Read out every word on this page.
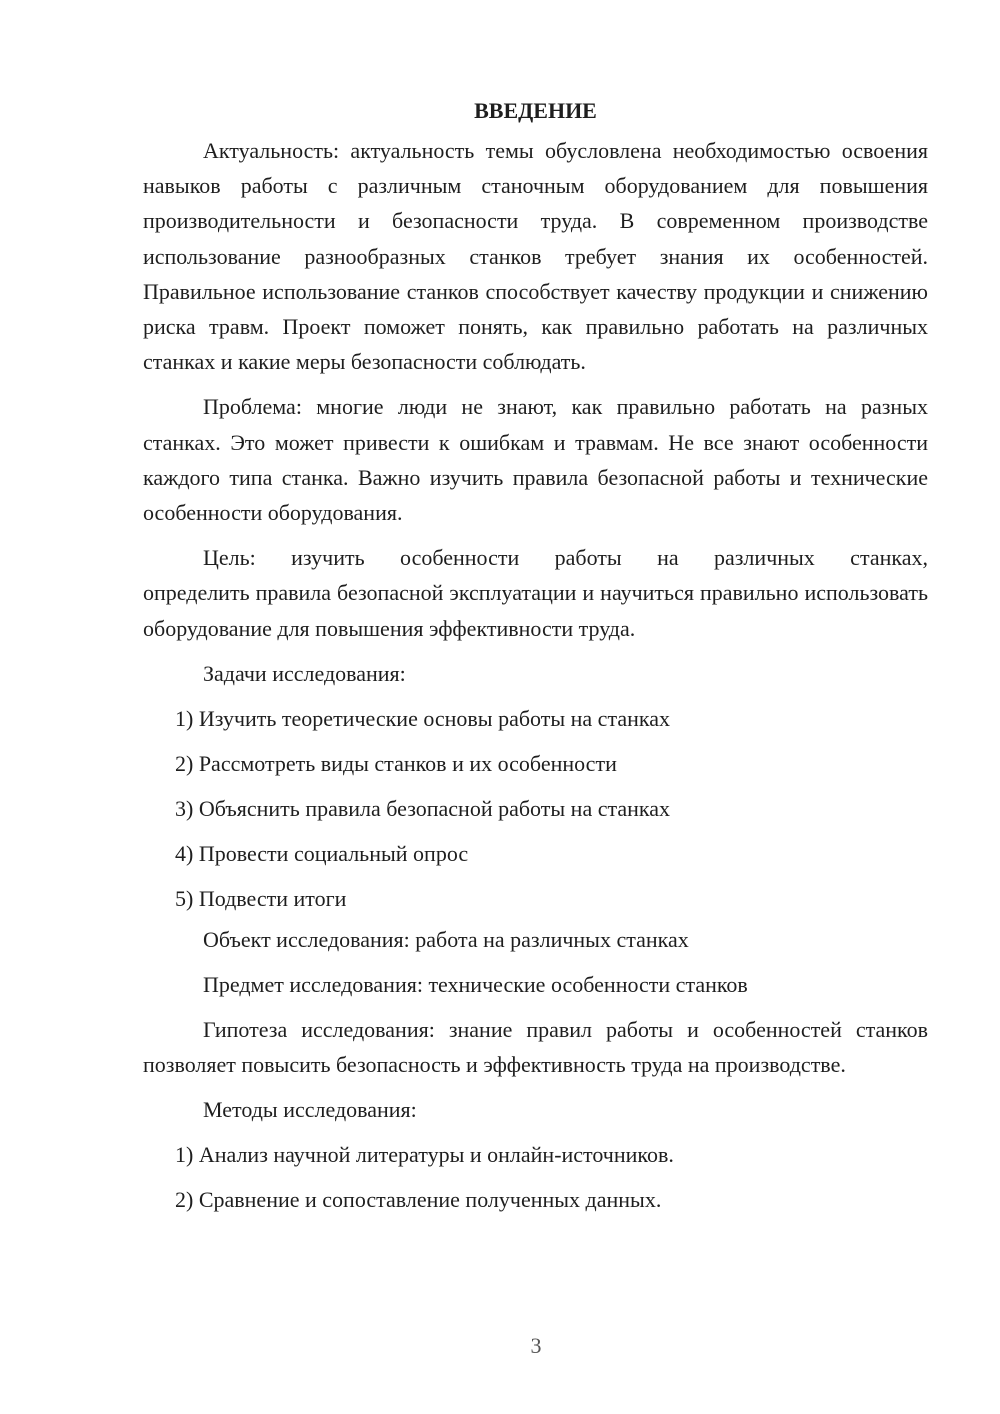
ВВЕДЕНИЕ

Актуальность: актуальность темы обусловлена необходимостью освоения навыков работы с различным станочным оборудованием для повышения производительности и безопасности труда. В современном производстве использование разнообразных станков требует знания их особенностей. Правильное использование станков способствует качеству продукции и снижению риска травм. Проект поможет понять, как правильно работать на различных станках и какие меры безопасности соблюдать.

Проблема: многие люди не знают, как правильно работать на разных станках. Это может привести к ошибкам и травмам. Не все знают особенности каждого типа станка. Важно изучить правила безопасной работы и технические особенности оборудования.

Цель: изучить особенности работы на различных станках,
определить правила безопасной эксплуатации и научиться правильно использовать оборудование для повышения эффективности труда.

Задачи исследования:
1) Изучить теоретические основы работы на станках
2) Рассмотреть виды станков и их особенности
3) Объяснить правила безопасной работы на станках
4) Провести социальный опрос
5) Подвести итоги
Объект исследования: работа на различных станках
Предмет исследования: технические особенности станков

Гипотеза исследования: знание правил работы и особенностей станков позволяет повысить безопасность и эффективность труда на производстве.

Методы исследования:
1) Анализ научной литературы и онлайн-источников.
2) Сравнение и сопоставление полученных данных.
3
